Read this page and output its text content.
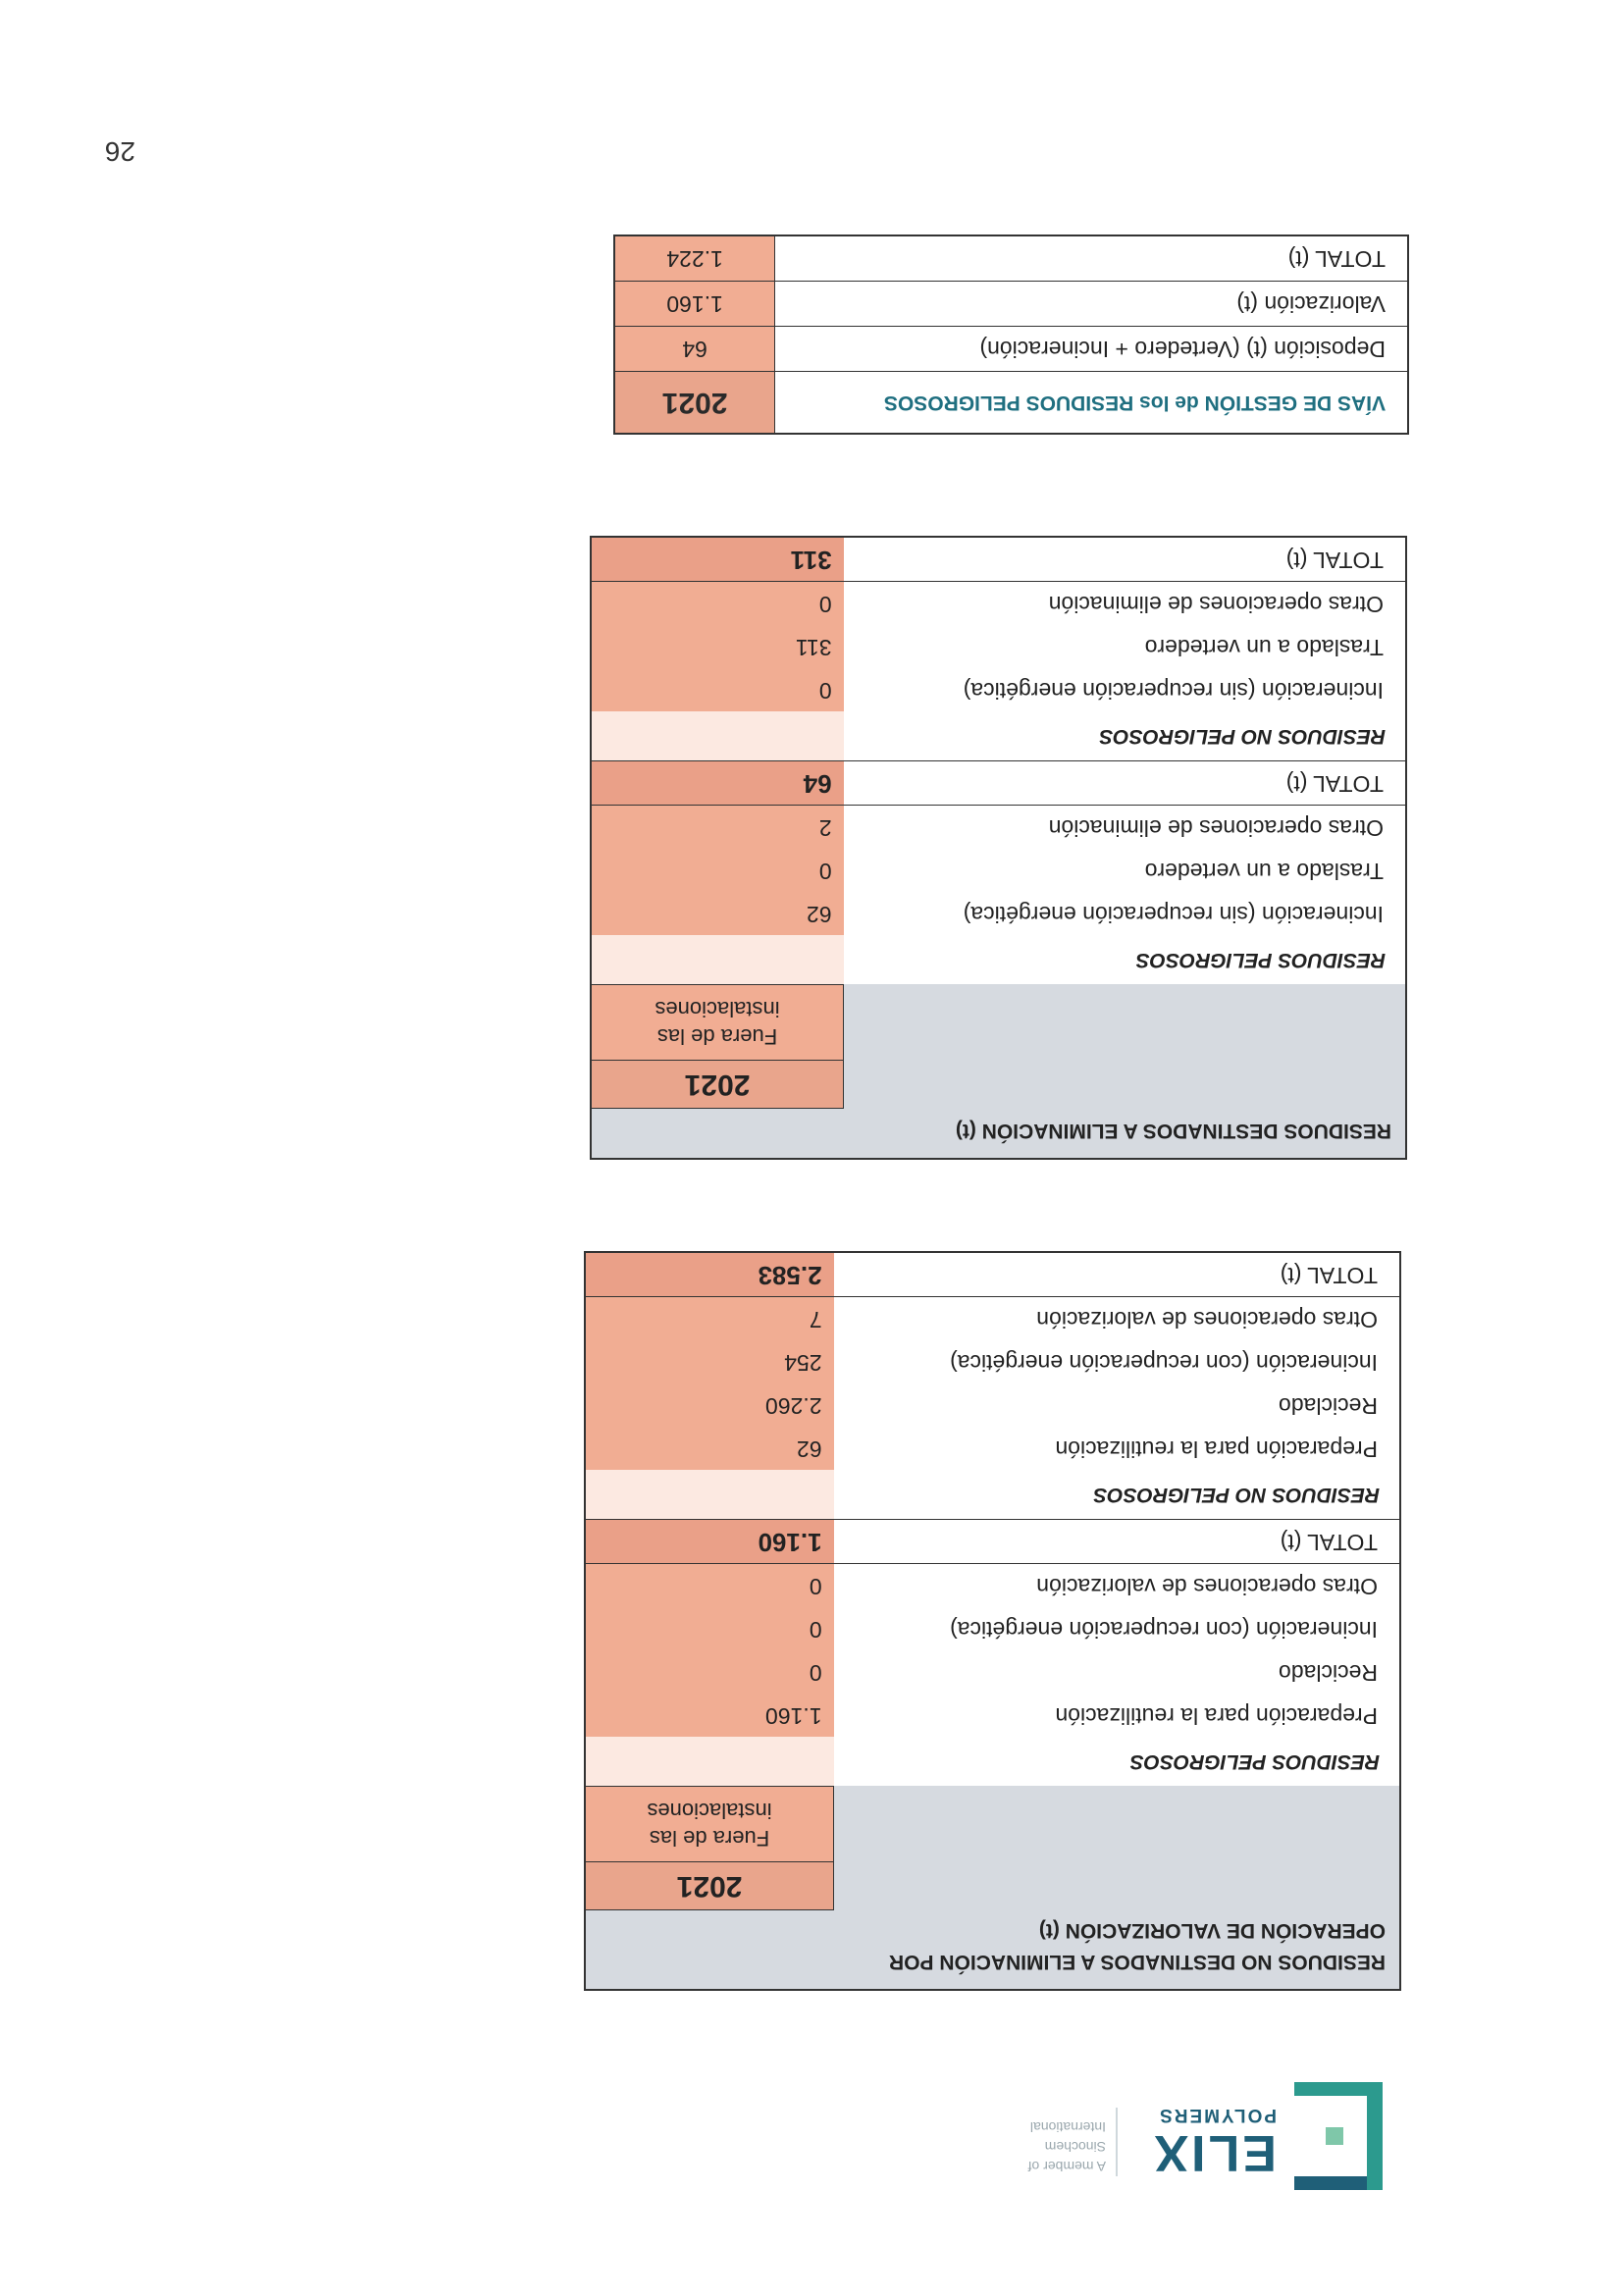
ELIX
POLYMERS
A member of
Sinochem
International
RESIDUOS NO DESTINADOS A ELIMINACIÓN POR OPERACIÓN DE VALORIZACIÓN (t)	
	2021
	Fuera de las instalaciones
RESIDUOS PELIGROSOS	
Preparación para la reutilización	1.160
Reciclado	0
Incineración (con recuperación energética)	0
Otras operaciones de valorización	0
TOTAL (t)	1.160
RESIDUOS NO PELIGROSOS	
Preparación para la reutilización	62
Reciclado	2.260
Incineración (con recuperación energética)	254
Otras operaciones de valorización	7
TOTAL (t)	2.583
RESIDUOS DESTINADOS A ELIMINACIÓN (t)	
	2021
	Fuera de las instalaciones
RESIDUOS PELIGROSOS	
Incineración (sin recuperación energética)	62
Traslado a un vertedero	0
Otras operaciones de eliminación	2
TOTAL (t)	64
RESIDUOS NO PELIGROSOS	
Incineración (sin recuperación energética)	0
Traslado a un vertedero	311
Otras operaciones de eliminación	0
TOTAL (t)	311
VÍAS DE GESTIÓN de los RESIDUOS PELIGROSOS	2021
Deposición (t) (Vertedero + Incineración)	64
Valorización (t)	1.160
TOTAL (t)	1.224
26
